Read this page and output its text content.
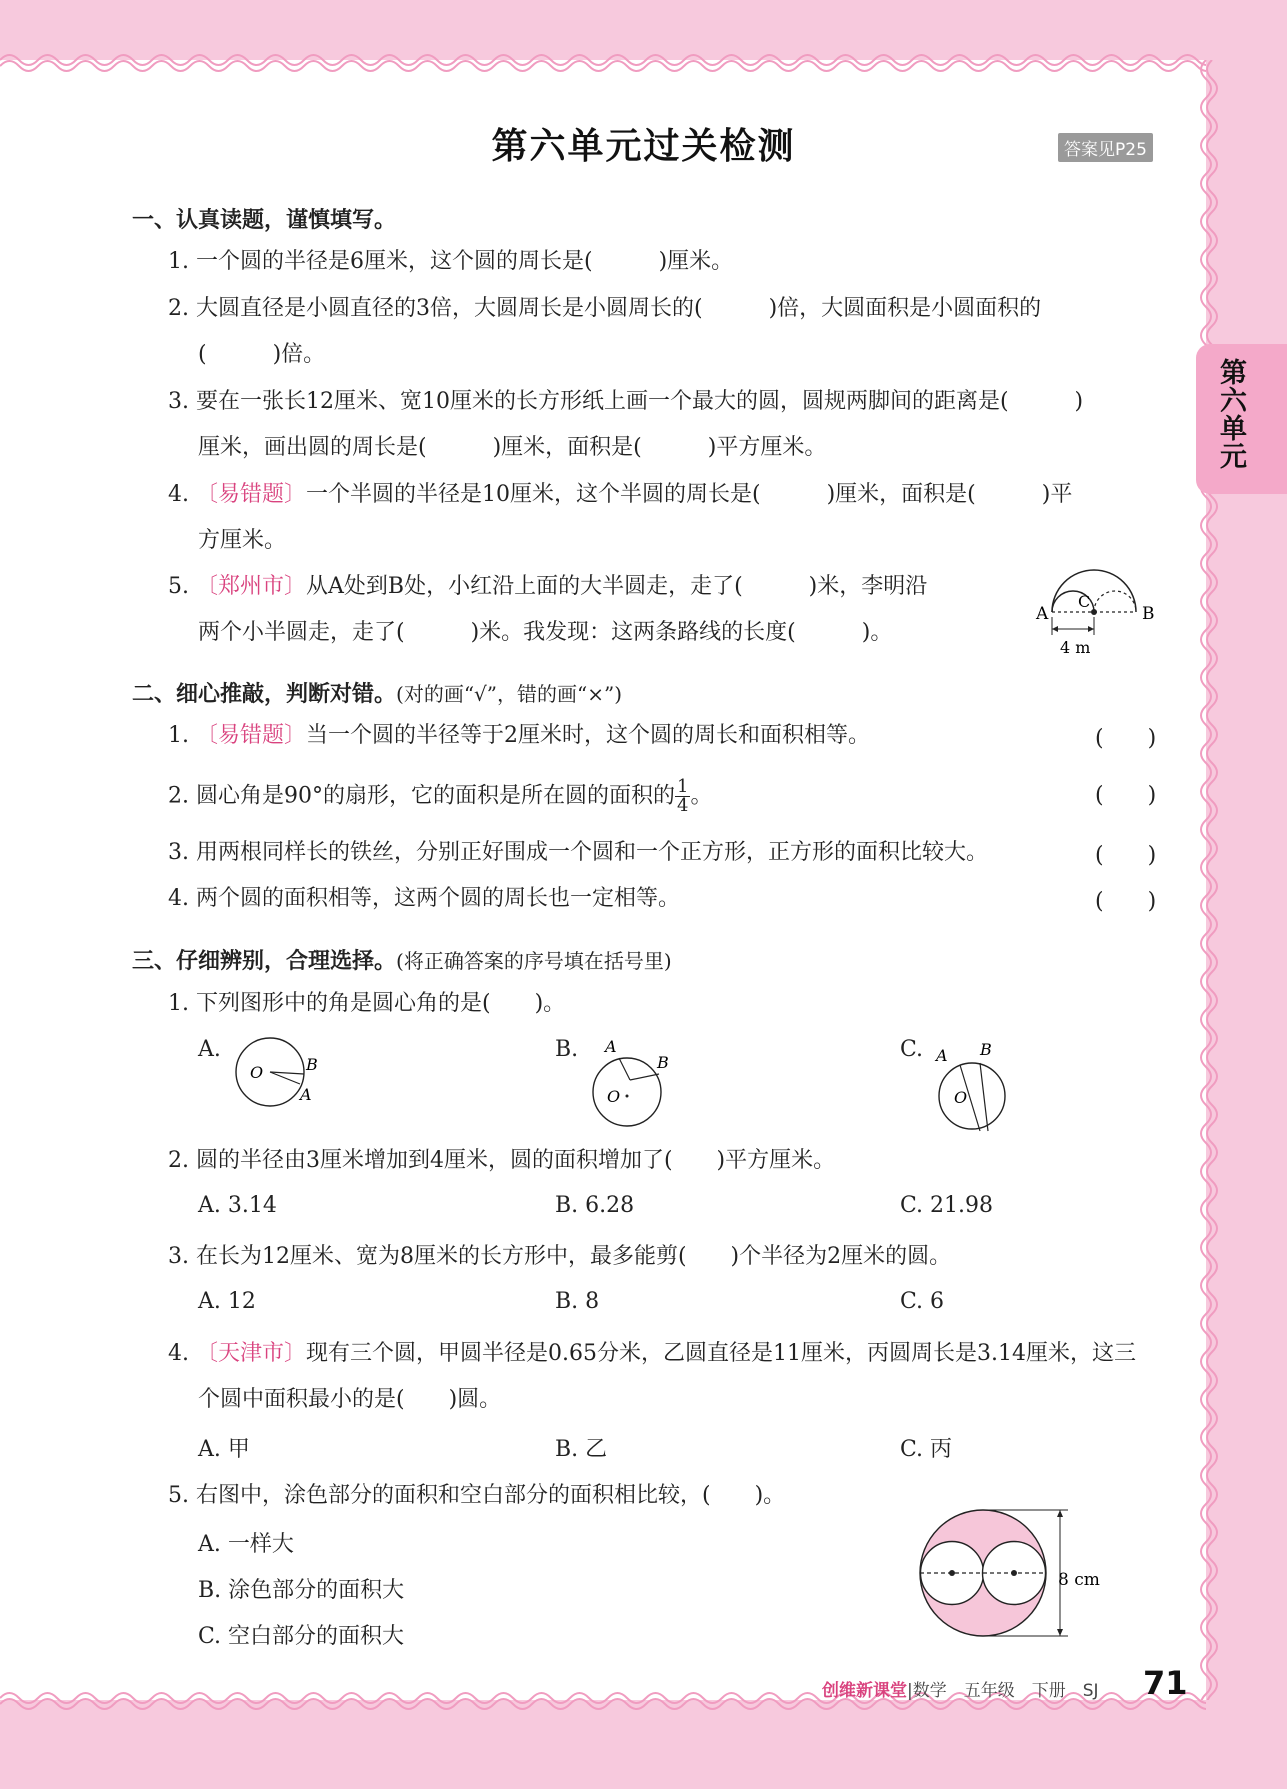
第六单元过关检测	答案见P25
第六单元
一、认真读题，谨慎填写。
1. 一个圆的半径是6厘米，这个圆的周长是(　　　)厘米。
2. 大圆直径是小圆直径的3倍，大圆周长是小圆周长的(　　　)倍，大圆面积是小圆面积的
(　　　)倍。
3. 要在一张长12厘米、宽10厘米的长方形纸上画一个最大的圆，圆规两脚间的距离是(　　　)
厘米，画出圆的周长是(　　　)厘米，面积是(　　　)平方厘米。
4. 〔易错题〕一个半圆的半径是10厘米，这个半圆的周长是(　　　)厘米，面积是(　　　)平
方厘米。
5. 〔郑州市〕从A处到B处，小红沿上面的大半圆走，走了(　　　)米，李明沿
两个小半圆走，走了(　　　)米。我发现：这两条路线的长度(　　　)。
A	B
C
4 m
二、细心推敲，判断对错。(对的画“√”，错的画“×”)
1. 〔易错题〕当一个圆的半径等于2厘米时，这个圆的周长和面积相等。	(　　)
2. 圆心角是90°的扇形，它的面积是所在圆的面积的 $\frac{1}{4}$ 。	(　　)
3. 用两根同样长的铁丝，分别正好围成一个圆和一个正方形，正方形的面积比较大。	(　　)
4. 两个圆的面积相等，这两个圆的周长也一定相等。	(　　)
三、仔细辨别，合理选择。(将正确答案的序号填在括号里)
1. 下列图形中的角是圆心角的是(　　)。
A.	B.	C.
O	B
A	O
A
B
O
A B
2. 圆的半径由3厘米增加到4厘米，圆的面积增加了(　　)平方厘米。
A. 3.14	B. 6.28	C. 21.98
3. 在长为12厘米、宽为8厘米的长方形中，最多能剪(　　)个半径为2厘米的圆。
A. 12	B. 8	C. 6
4. 〔天津市〕现有三个圆，甲圆半径是0.65分米，乙圆直径是11厘米，丙圆周长是3.14厘米，这三
个圆中面积最小的是(　　)圆。
A. 甲	B. 乙	C. 丙
5. 右图中，涂色部分的面积和空白部分的面积相比较，(　　)。
A. 一样大
B. 涂色部分的面积大
C. 空白部分的面积大
8 cm
创维新课堂|数学　五年级　下册　SJ 71
